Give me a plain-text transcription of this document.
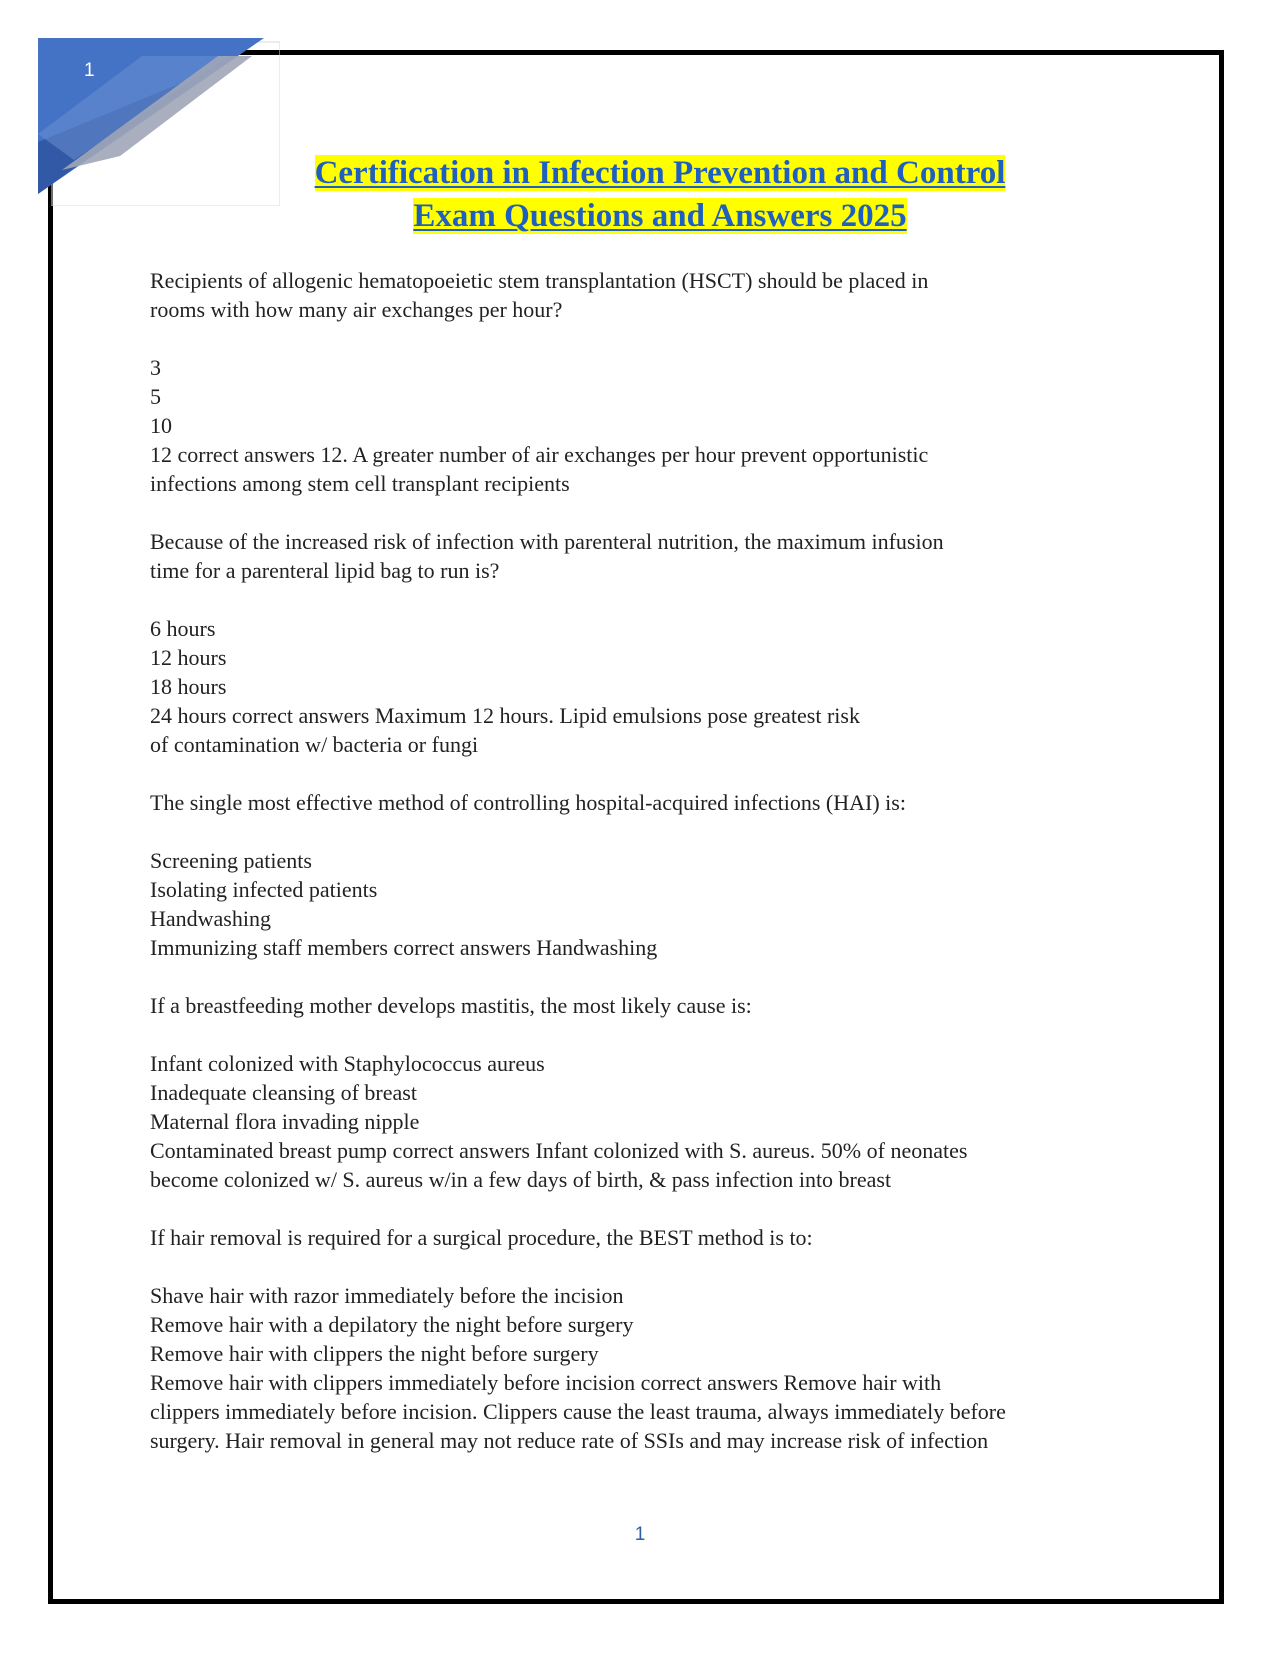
1
Certification in Infection Prevention and Control
Exam Questions and Answers 2025

Recipients of allogenic hematopoeietic stem transplantation (HSCT) should be placed in

rooms with how many air exchanges per hour?

3

5

10

12 correct answers 12. A greater number of air exchanges per hour prevent opportunistic

infections among stem cell transplant recipients

Because of the increased risk of infection with parenteral nutrition, the maximum infusion

time for a parenteral lipid bag to run is?

6 hours

12 hours

18 hours

24 hours correct answers Maximum 12 hours. Lipid emulsions pose greatest risk

of contamination w/ bacteria or fungi

The single most effective method of controlling hospital-acquired infections (HAI) is:

Screening patients

Isolating infected patients

Handwashing

Immunizing staff members correct answers Handwashing

If a breastfeeding mother develops mastitis, the most likely cause is:

Infant colonized with Staphylococcus aureus

Inadequate cleansing of breast

Maternal flora invading nipple

Contaminated breast pump correct answers Infant colonized with S. aureus. 50% of neonates

become colonized w/ S. aureus w/in a few days of birth, & pass infection into breast

If hair removal is required for a surgical procedure, the BEST method is to:

Shave hair with razor immediately before the incision

Remove hair with a depilatory the night before surgery

Remove hair with clippers the night before surgery

Remove hair with clippers immediately before incision correct answers Remove hair with

clippers immediately before incision. Clippers cause the least trauma, always immediately before

surgery. Hair removal in general may not reduce rate of SSIs and may increase risk of infection

1
